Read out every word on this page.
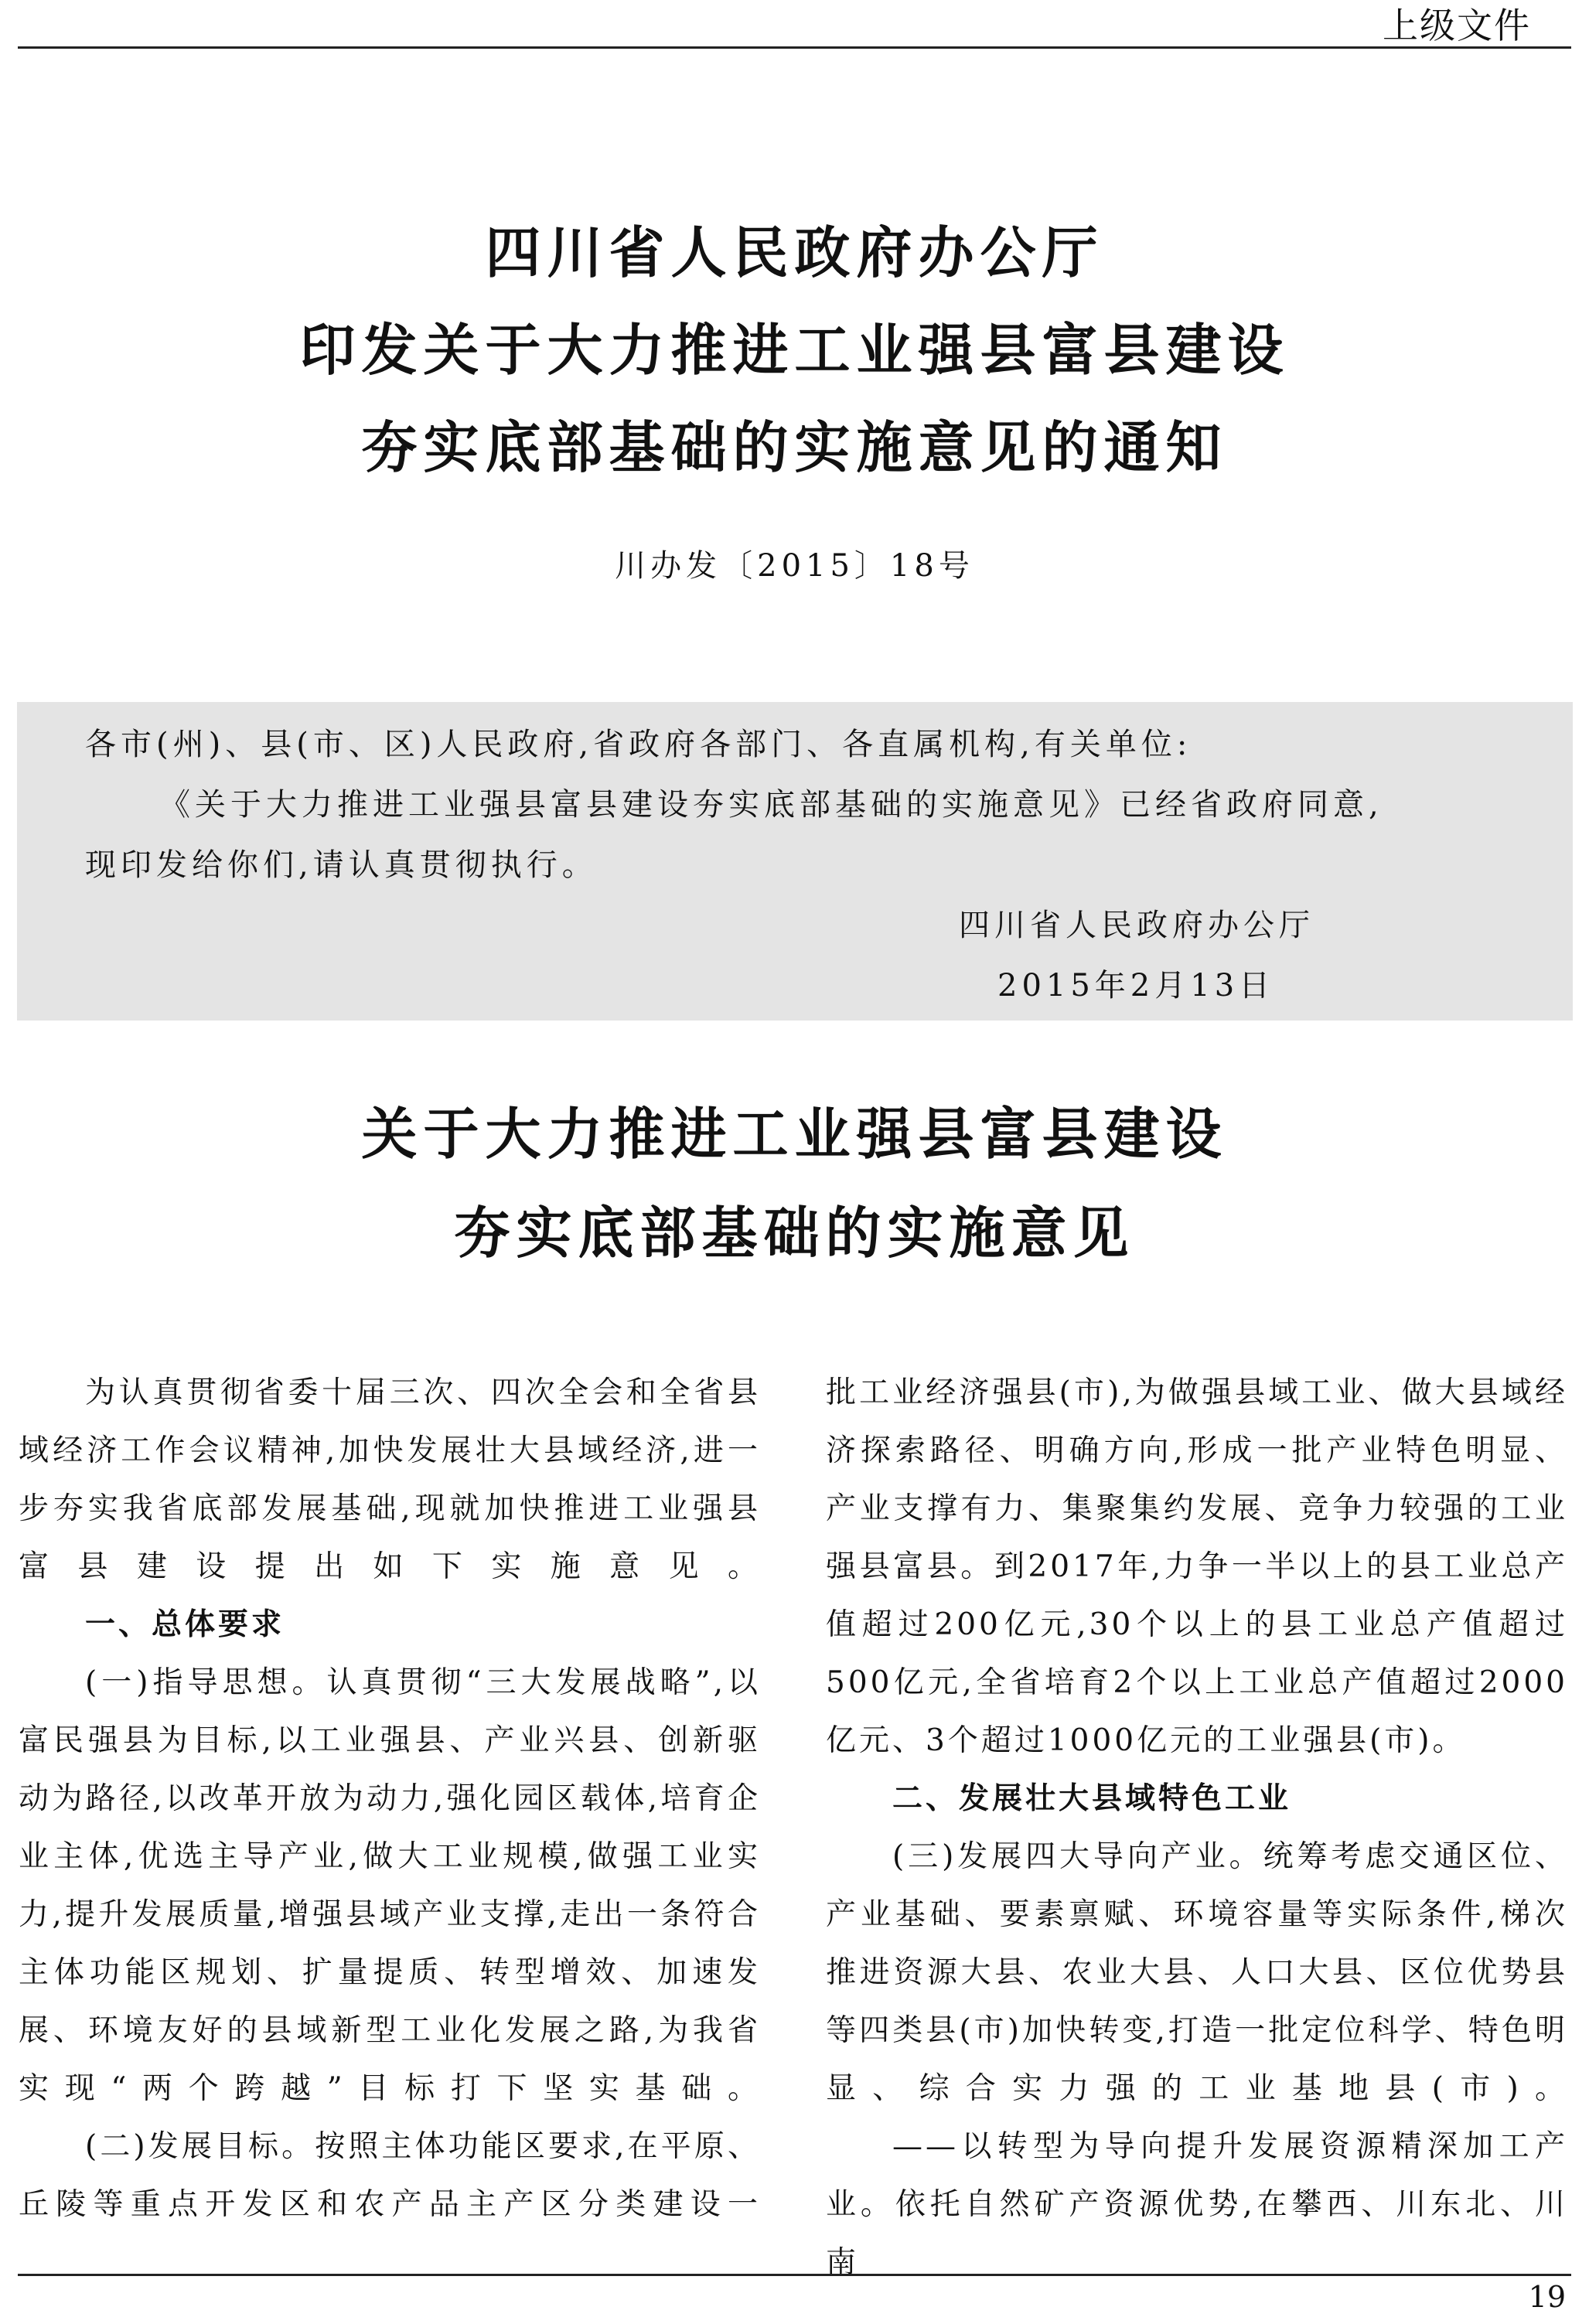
上级文件
四川省人民政府办公厅
印发关于大力推进工业强县富县建设
夯实底部基础的实施意见的通知
川办发〔2015〕18号
各市(州)、县(市、区)人民政府,省政府各部门、各直属机构,有关单位:
《关于大力推进工业强县富县建设夯实底部基础的实施意见》已经省政府同意,
现印发给你们,请认真贯彻执行。
四川省人民政府办公厅
2015年2月13日
关于大力推进工业强县富县建设
夯实底部基础的实施意见

为认真贯彻省委十届三次、四次全会和全省县域经济工作会议精神,加快发展壮大县域经济,进一步夯实我省底部发展基础,现就加快推进工业强县富县建设提出如下实施意见。

一、总体要求

(一)指导思想。认真贯彻“三大发展战略”,以富民强县为目标,以工业强县、产业兴县、创新驱动为路径,以改革开放为动力,强化园区载体,培育企业主体,优选主导产业,做大工业规模,做强工业实力,提升发展质量,增强县域产业支撑,走出一条符合主体功能区规划、扩量提质、转型增效、加速发展、环境友好的县域新型工业化发展之路,为我省实现“两个跨越”目标打下坚实基础。

(二)发展目标。按照主体功能区要求,在平原、丘陵等重点开发区和农产品主产区分类建设一

批工业经济强县(市),为做强县域工业、做大县域经济探索路径、明确方向,形成一批产业特色明显、产业支撑有力、集聚集约发展、竞争力较强的工业强县富县。到2017年,力争一半以上的县工业总产值超过200亿元,30个以上的县工业总产值超过500亿元,全省培育2个以上工业总产值超过2000亿元、3个超过1000亿元的工业强县(市)。

二、发展壮大县域特色工业

(三)发展四大导向产业。统筹考虑交通区位、产业基础、要素禀赋、环境容量等实际条件,梯次推进资源大县、农业大县、人口大县、区位优势县等四类县(市)加快转变,打造一批定位科学、特色明显、综合实力强的工业基地县(市)。

——以转型为导向提升发展资源精深加工产业。依托自然矿产资源优势,在攀西、川东北、川南

19
